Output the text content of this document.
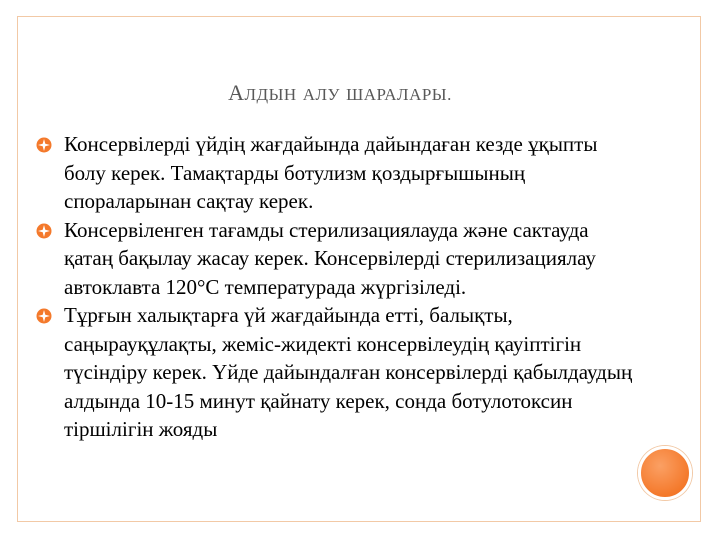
АЛДЫН АЛУ ШАРАЛАРЫ.
Консервілерді үйдің жағдайында дайындаған кезде ұқыпты болу керек. Тамақтарды ботулизм қоздырғышының спораларынан сақтау керек.
Консервіленген тағамды стерилизациялауда және сактауда қатаң бақылау жасау керек. Консервілерді стерилизациялау автоклавта 120°С температурада жүргізіледі.
Тұрғын халықтарға үй жағдайында етті, балықты, саңырауқұлақты, жеміс-жидекті консервілеудің қауіптігін түсіндіру керек. Үйде дайындалған консервілерді қабылдаудың алдында 10-15 минут қайнату керек, сонда ботулотоксин тіршілігін жояды
